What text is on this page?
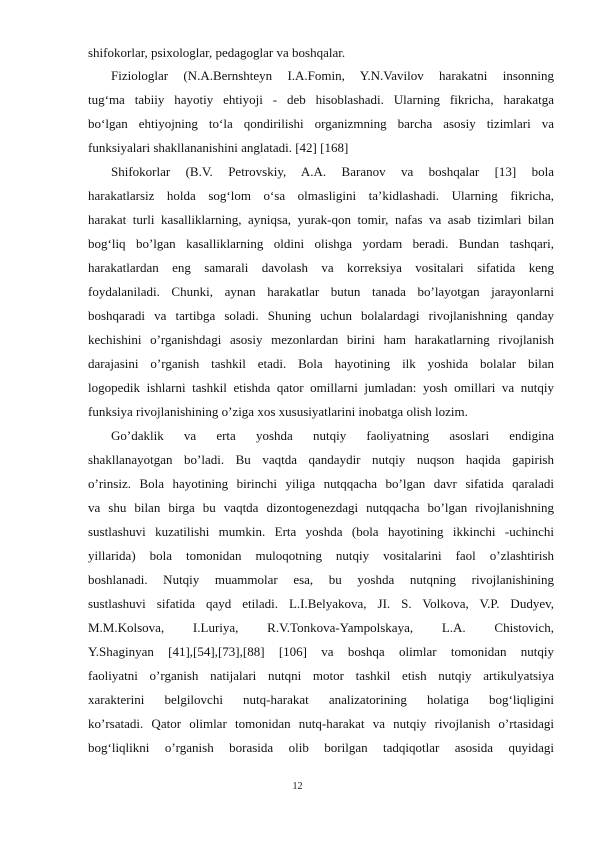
shifokorlar, psixologlar, pedagoglar va boshqalar.
Fiziologlar (N.A.Bernshteyn I.A.Fomin, Y.N.Vavilov harakatni insonning
tug‘ma tabiiy hayotiy ehtiyoji - deb hisoblashadi. Ularning fikricha, harakatga
bo‘lgan ehtiyojning to‘la qondirilishi organizmning barcha asosiy tizimlari va
funksiyalari shakllananishini anglatadi. [42] [168]
Shifokorlar (B.V. Petrovskiy, A.A. Baranov va boshqalar [13] bola
harakatlarsiz holda sog‘lom o‘sa olmasligini ta’kidlashadi. Ularning fikricha,
harakat turli kasalliklarning, ayniqsa, yurak-qon tomir, nafas va asab tizimlari bilan
bog‘liq bo’lgan kasalliklarning oldini olishga yordam beradi. Bundan tashqari,
harakatlardan eng samarali davolash va korreksiya vositalari sifatida keng
foydalaniladi. Chunki, aynan harakatlar butun tanada bo’layotgan jarayonlarni
boshqaradi va tartibga soladi. Shuning uchun bolalardagi rivojlanishning qanday
kechishini o’rganishdagi asosiy mezonlardan birini ham harakatlarning rivojlanish
darajasini o’rganish tashkil etadi. Bola hayotining ilk yoshida bolalar bilan
logopedik ishlarni tashkil etishda qator omillarni jumladan: yosh omillari va nutqiy
funksiya rivojlanishining o’ziga xos xususiyatlarini inobatga olish lozim.
Go’daklik va erta yoshda nutqiy faoliyatning asoslari endigina
shakllanayotgan bo’ladi. Bu vaqtda qandaydir nutqiy nuqson haqida gapirish
o’rinsiz. Bola hayotining birinchi yiliga nutqqacha bo’lgan davr sifatida qaraladi
va shu bilan birga bu vaqtda dizontogenezdagi nutqqacha bo’lgan rivojlanishning
sustlashuvi kuzatilishi mumkin. Erta yoshda (bola hayotining ikkinchi -uchinchi
yillarida) bola tomonidan muloqotning nutqiy vositalarini faol o’zlashtirish
boshlanadi. Nutqiy muammolar esa, bu yoshda nutqning rivojlanishining
sustlashuvi sifatida qayd etiladi. L.I.Belyakova, JI. S. Volkova, V.P. Dudyev,
M.M.Kolsova, I.Luriya, R.V.Tonkova-Yampolskaya, L.A. Chistovich,
Y.Shaginyan [41],[54],[73],[88] [106] va boshqa olimlar tomonidan nutqiy
faoliyatni o’rganish natijalari nutqni motor tashkil etish nutqiy artikulyatsiya
xarakterini belgilovchi nutq-harakat analizatorining holatiga bog‘liqligini
ko’rsatadi. Qator olimlar tomonidan nutq-harakat va nutqiy rivojlanish o’rtasidagi
bog‘liqlikni o’rganish borasida olib borilgan tadqiqotlar asosida quyidagi
12
